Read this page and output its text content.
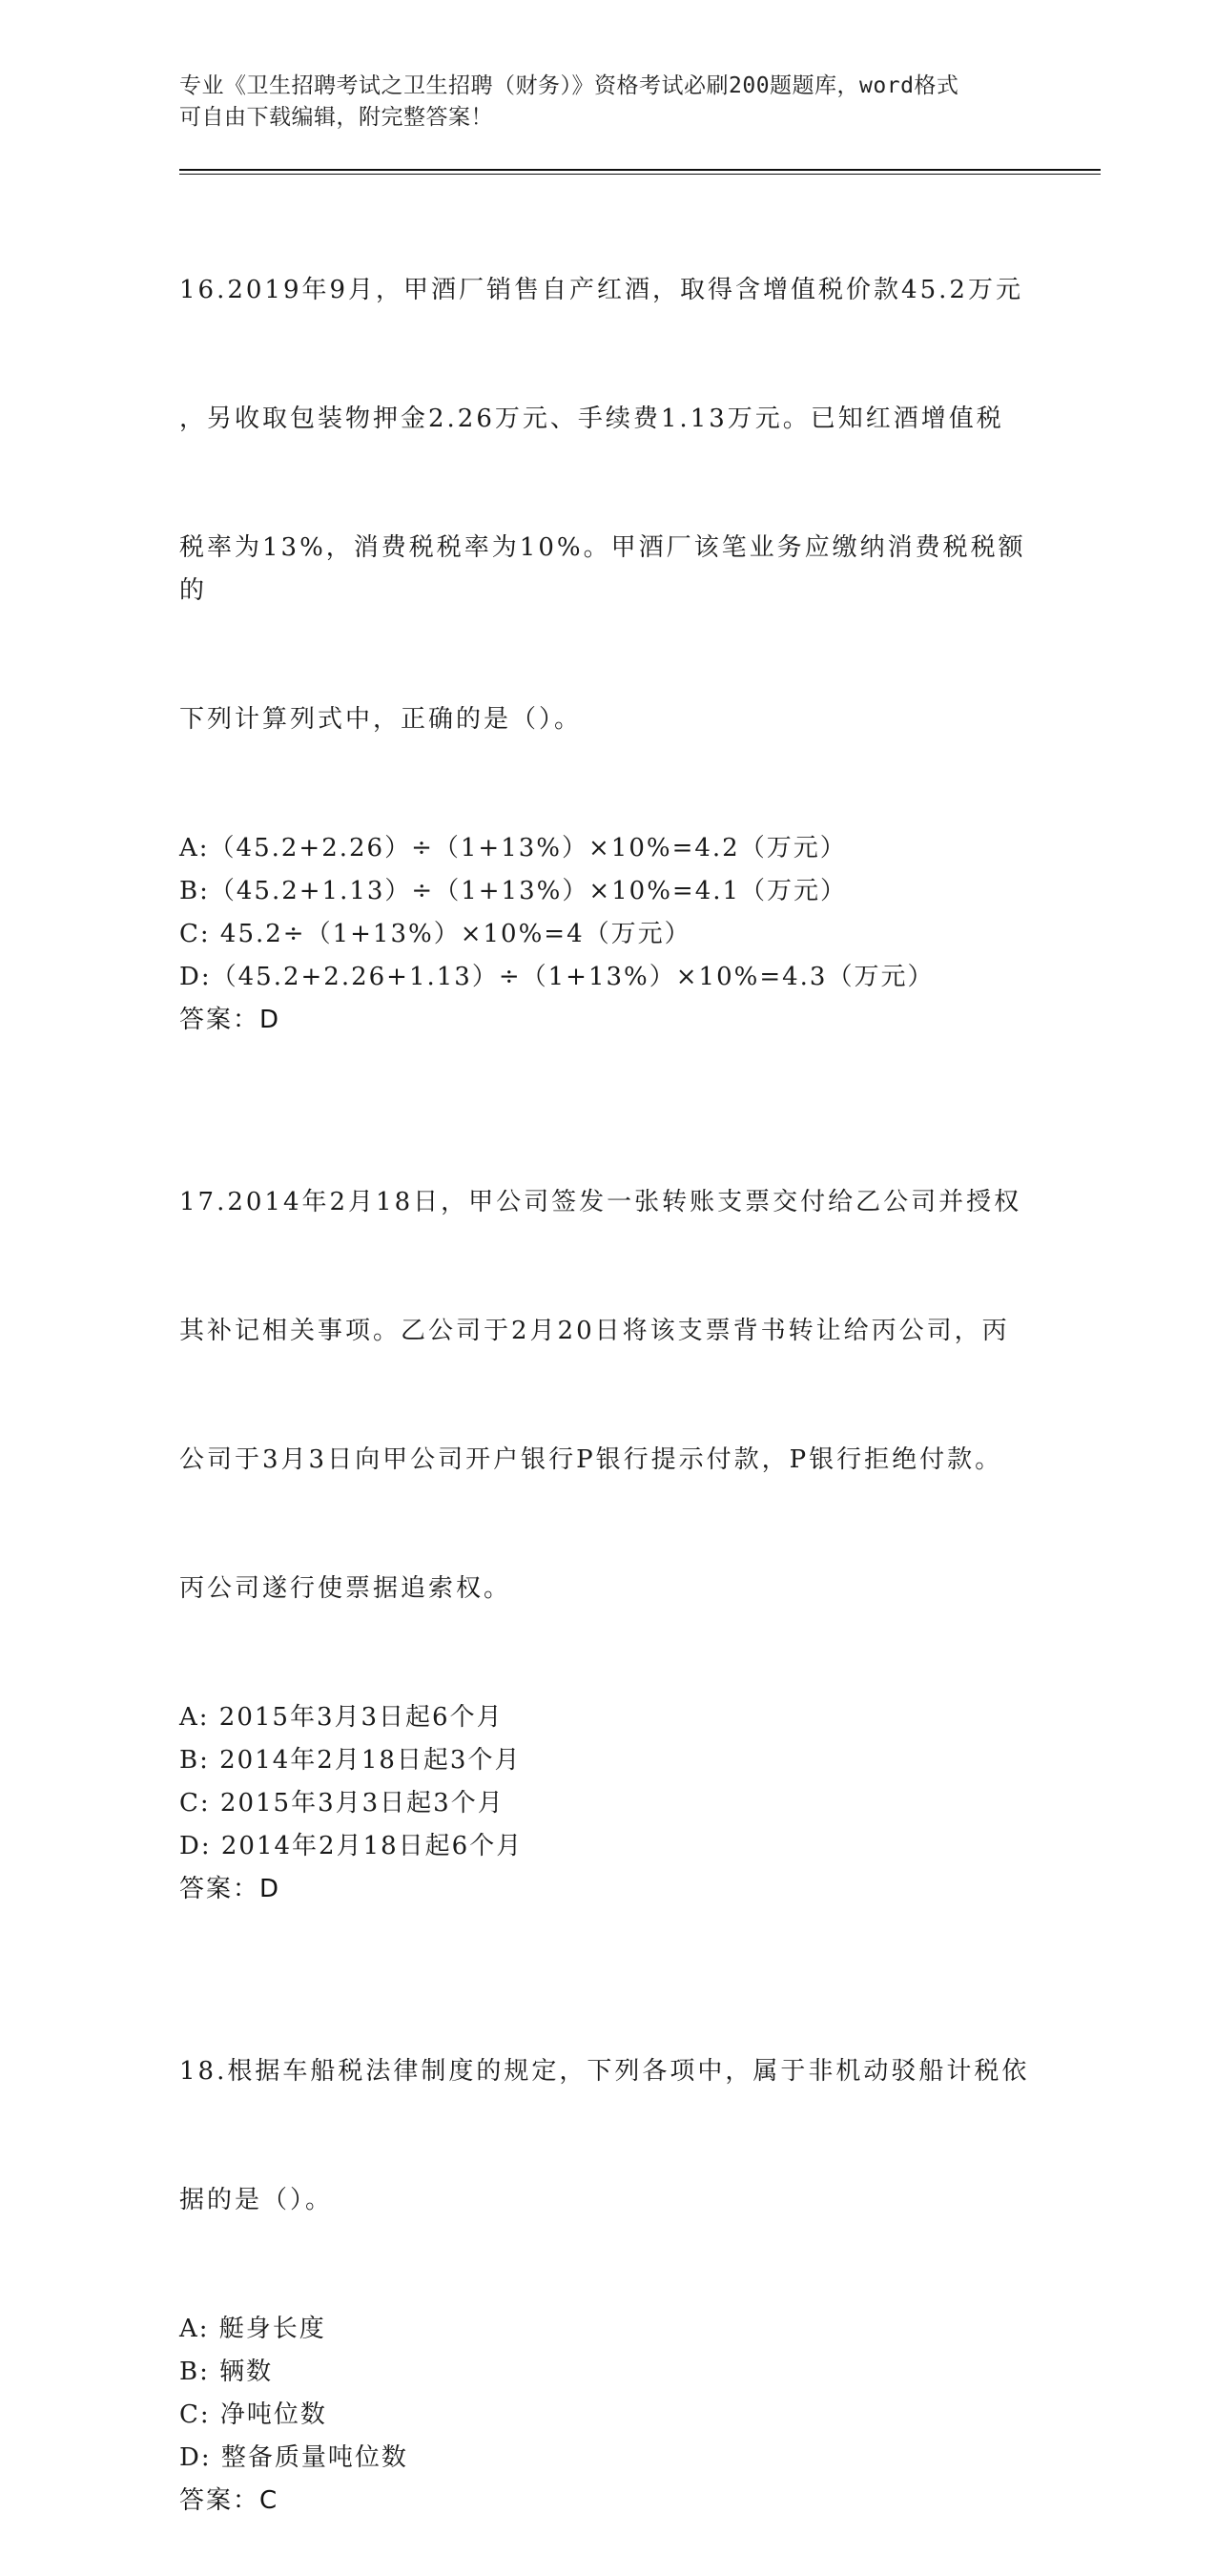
专业《卫生招聘考试之卫生招聘（财务）》资格考试必刷200题题库，word格式
可自由下载编辑，附完整答案！

16.2019年9月，甲酒厂销售自产红酒，取得含增值税价款45.2万元

，另收取包装物押金2.26万元、手续费1.13万元。已知红酒增值税

税率为13%，消费税税率为10%。甲酒厂该笔业务应缴纳消费税税额的

下列计算列式中，正确的是（）。

A:（45.2+2.26）÷（1+13%）×10%=4.2（万元）
B:（45.2+1.13）÷（1+13%）×10%=4.1（万元）
C: 45.2÷（1+13%）×10%=4（万元）
D:（45.2+2.26+1.13）÷（1+13%）×10%=4.3（万元）
答案：D

17.2014年2月18日，甲公司签发一张转账支票交付给乙公司并授权

其补记相关事项。乙公司于2月20日将该支票背书转让给丙公司，丙

公司于3月3日向甲公司开户银行P银行提示付款，P银行拒绝付款。

丙公司遂行使票据追索权。

A: 2015年3月3日起6个月
B: 2014年2月18日起3个月
C: 2015年3月3日起3个月
D: 2014年2月18日起6个月
答案：D

18.根据车船税法律制度的规定，下列各项中，属于非机动驳船计税依

据的是（）。

A: 艇身长度
B: 辆数
C: 净吨位数
D: 整备质量吨位数
答案：C
